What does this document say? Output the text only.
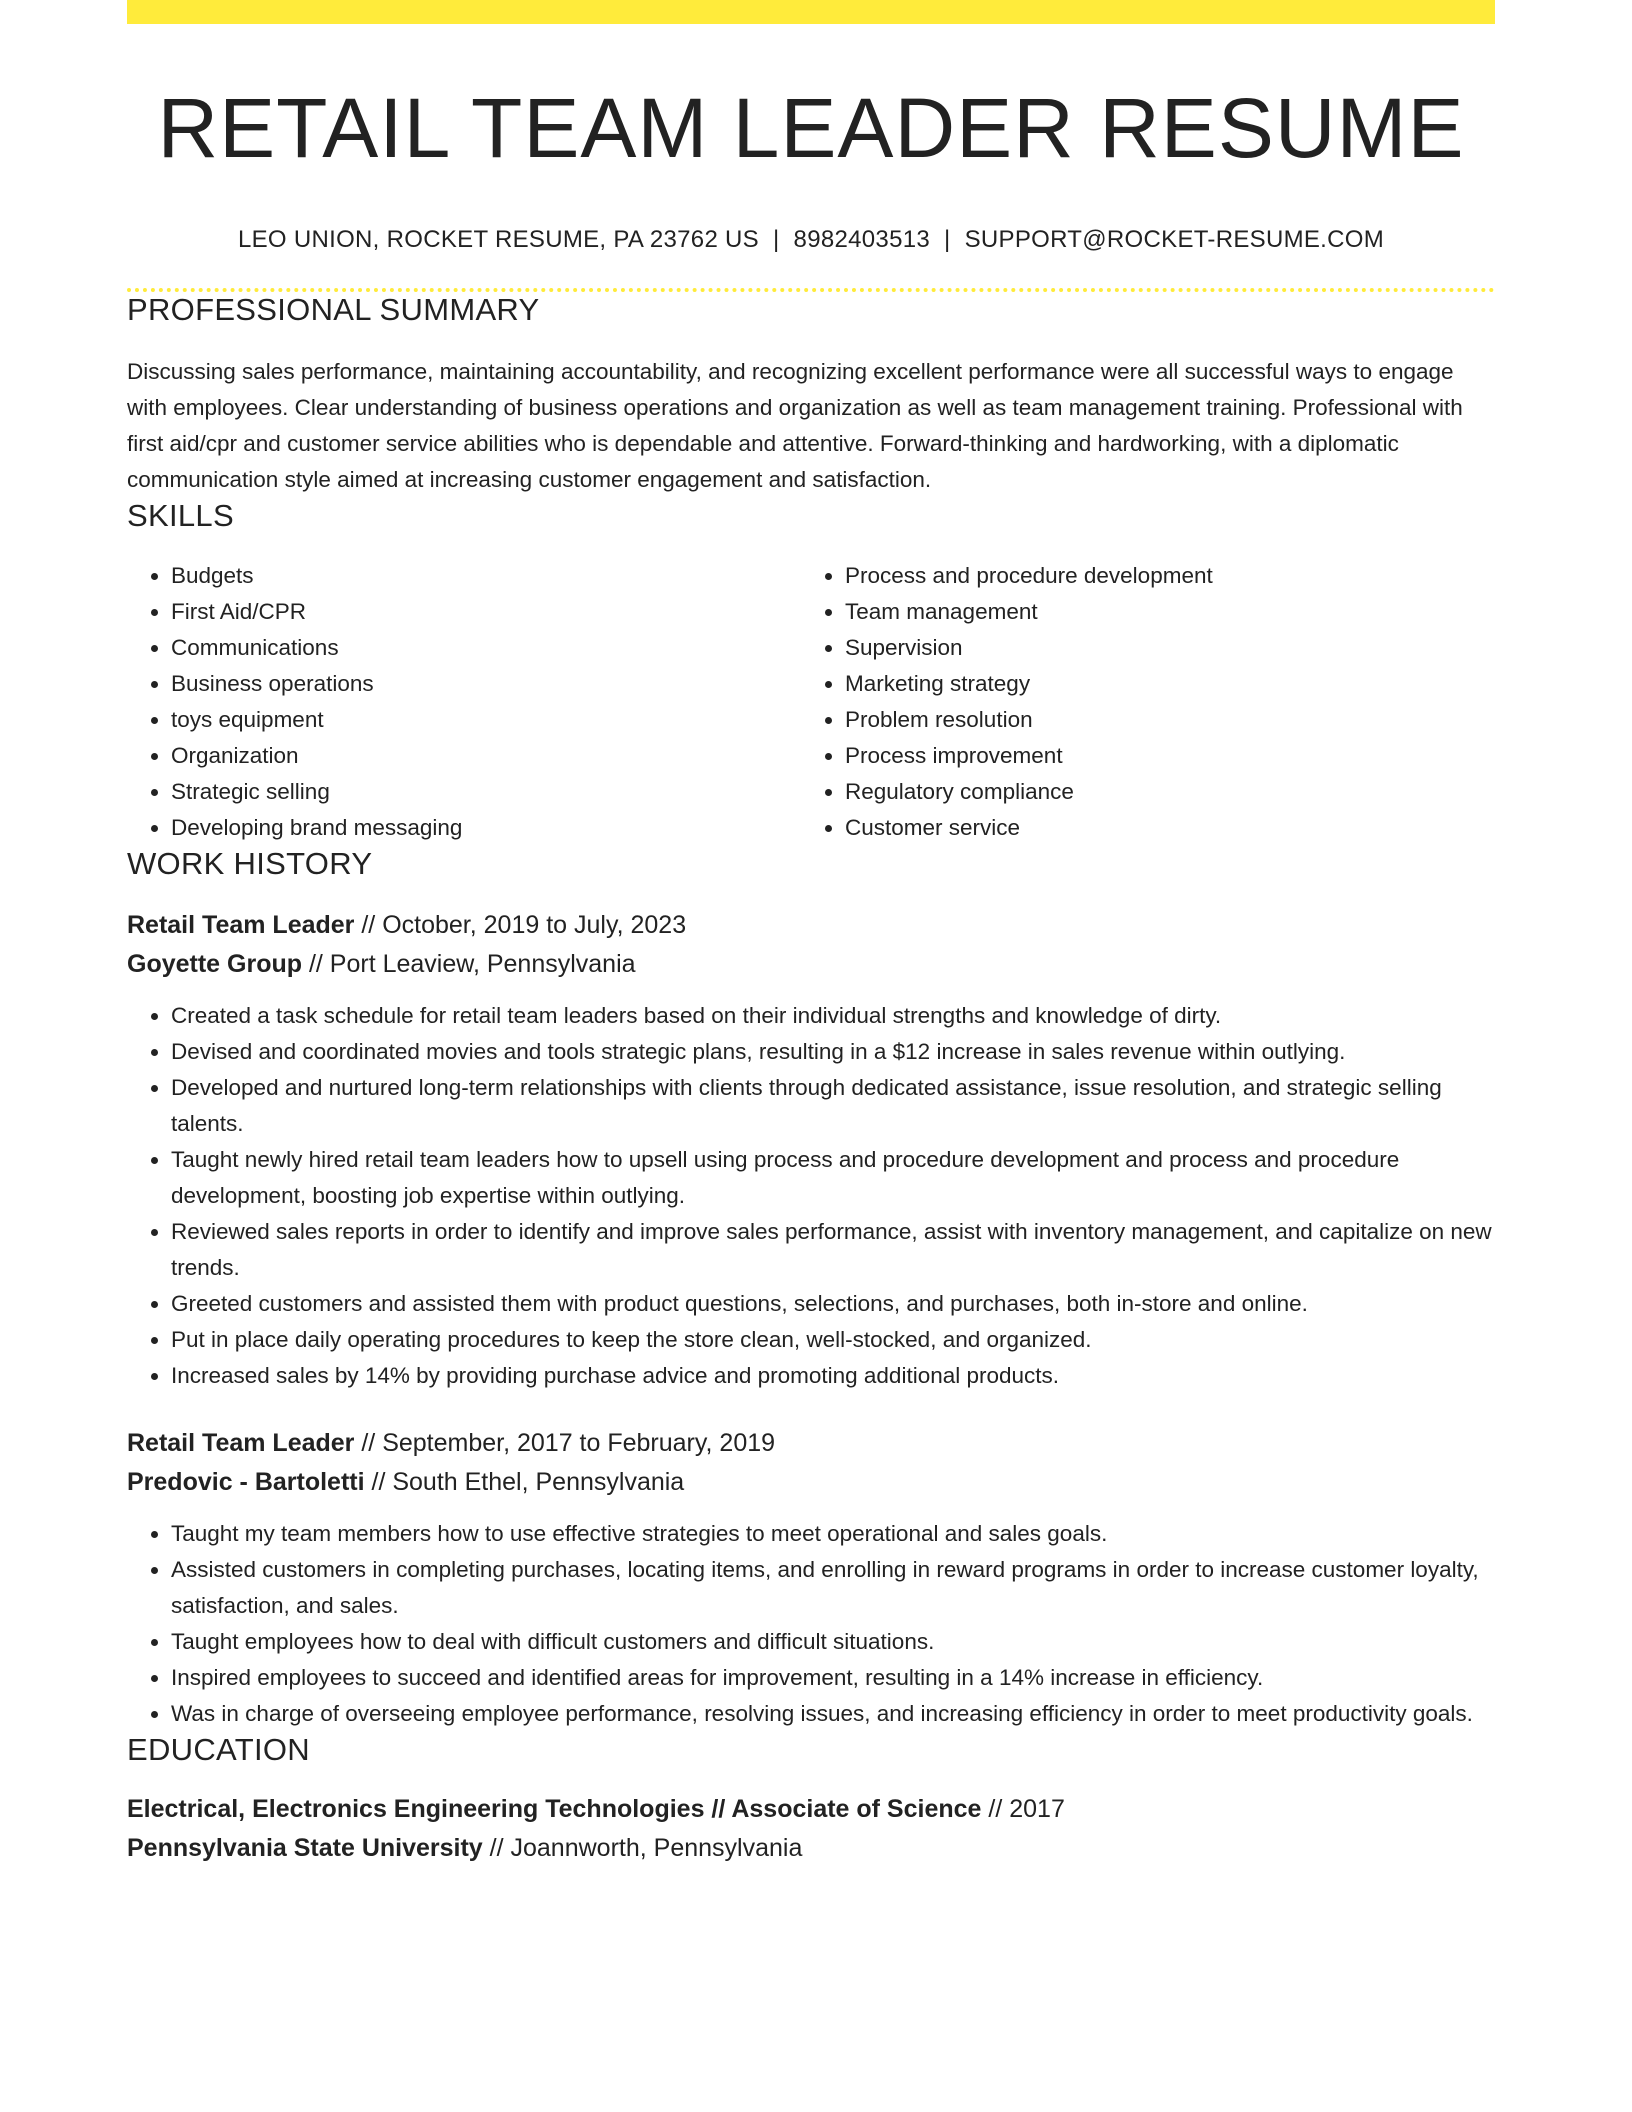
RETAIL TEAM LEADER RESUME
LEO UNION, ROCKET RESUME, PA 23762 US | 8982403513 | SUPPORT@ROCKET-RESUME.COM
PROFESSIONAL SUMMARY
Discussing sales performance, maintaining accountability, and recognizing excellent performance were all successful ways to engage with employees. Clear understanding of business operations and organization as well as team management training. Professional with first aid/cpr and customer service abilities who is dependable and attentive. Forward-thinking and hardworking, with a diplomatic communication style aimed at increasing customer engagement and satisfaction.
SKILLS
• Budgets
• First Aid/CPR
• Communications
• Business operations
• toys equipment
• Organization
• Strategic selling
• Developing brand messaging
• Process and procedure development
• Team management
• Supervision
• Marketing strategy
• Problem resolution
• Process improvement
• Regulatory compliance
• Customer service
WORK HISTORY
Retail Team Leader // October, 2019 to July, 2023
Goyette Group // Port Leaview, Pennsylvania
• Created a task schedule for retail team leaders based on their individual strengths and knowledge of dirty.
• Devised and coordinated movies and tools strategic plans, resulting in a $12 increase in sales revenue within outlying.
• Developed and nurtured long-term relationships with clients through dedicated assistance, issue resolution, and strategic selling talents.
• Taught newly hired retail team leaders how to upsell using process and procedure development and process and procedure development, boosting job expertise within outlying.
• Reviewed sales reports in order to identify and improve sales performance, assist with inventory management, and capitalize on new trends.
• Greeted customers and assisted them with product questions, selections, and purchases, both in-store and online.
• Put in place daily operating procedures to keep the store clean, well-stocked, and organized.
• Increased sales by 14% by providing purchase advice and promoting additional products.
Retail Team Leader // September, 2017 to February, 2019
Predovic - Bartoletti // South Ethel, Pennsylvania
• Taught my team members how to use effective strategies to meet operational and sales goals.
• Assisted customers in completing purchases, locating items, and enrolling in reward programs in order to increase customer loyalty, satisfaction, and sales.
• Taught employees how to deal with difficult customers and difficult situations.
• Inspired employees to succeed and identified areas for improvement, resulting in a 14% increase in efficiency.
• Was in charge of overseeing employee performance, resolving issues, and increasing efficiency in order to meet productivity goals.
EDUCATION
Electrical, Electronics Engineering Technologies // Associate of Science // 2017
Pennsylvania State University // Joannworth, Pennsylvania
